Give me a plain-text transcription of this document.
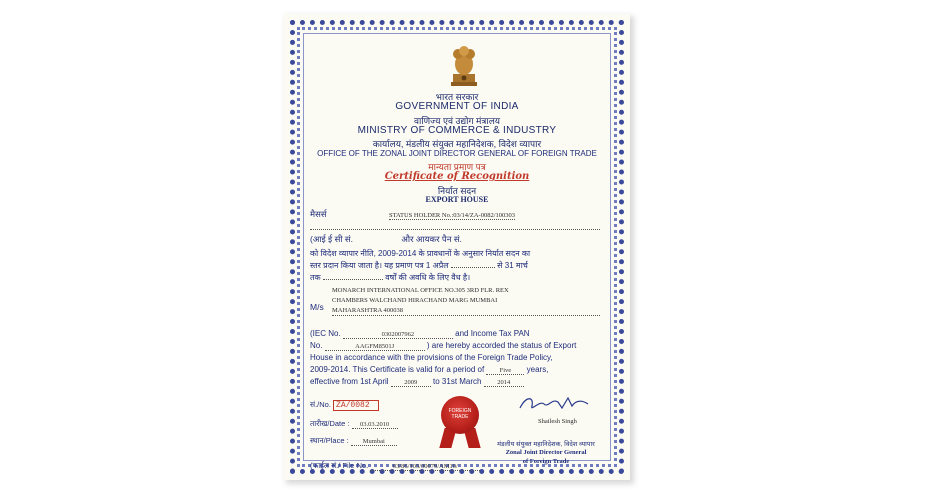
भारत सरकार
GOVERNMENT OF INDIA
वाणिज्य एवं उद्योग मंत्रालय
MINISTRY OF COMMERCE & INDUSTRY
कार्यालय, मंडलीय संयुक्त महानिदेशक, विदेश व्यापार
OFFICE OF THE ZONAL JOINT DIRECTOR GENERAL OF FOREIGN TRADE
मान्यता प्रमाण पत्र
Certificate of Recognition
निर्यात सदन
EXPORT HOUSE
मैसर्स	STATUS HOLDER No.:03/14/ZA-0082/100303
(आई ई सी सं.	और आयकर पैन सं.
को विदेश व्यापार नीति, 2009-2014 के प्रावधानों के अनुसार निर्यात सदन का
स्तर प्रदान किया जाता है। यह प्रमाण पत्र 1 अप्रैल	से 31 मार्च
तक	वर्षों की अवधि के लिए वैध है।
M/s
MONARCH INTERNATIONAL OFFICE NO.305 3RD FLR. REX
CHAMBERS WALCHAND HIRACHAND MARG MUMBAI
MAHARASHTRA 400038
(IEC No.	0302007962	and Income Tax PAN
No.	AAGFM8501J	) are hereby accorded the status of Export
House in accordance with the provisions of the Foreign Trade Policy,
2009-2014. This Certificate is valid for a period of Five years,
effective from 1st April 2009 to 31st March 2014
सं./No. ZA/0082
तारीख/Date : 03.03.2010
स्थान/Place : Mumbai
(फाईल सं./ File No.	03/86/105/00079/AM10/
FOREIGN TRADE
Shailesh Singh
मंडलीय संयुक्त महानिदेशक, विदेश व्यापार
Zonal Joint Director General
of Foreign Trade
